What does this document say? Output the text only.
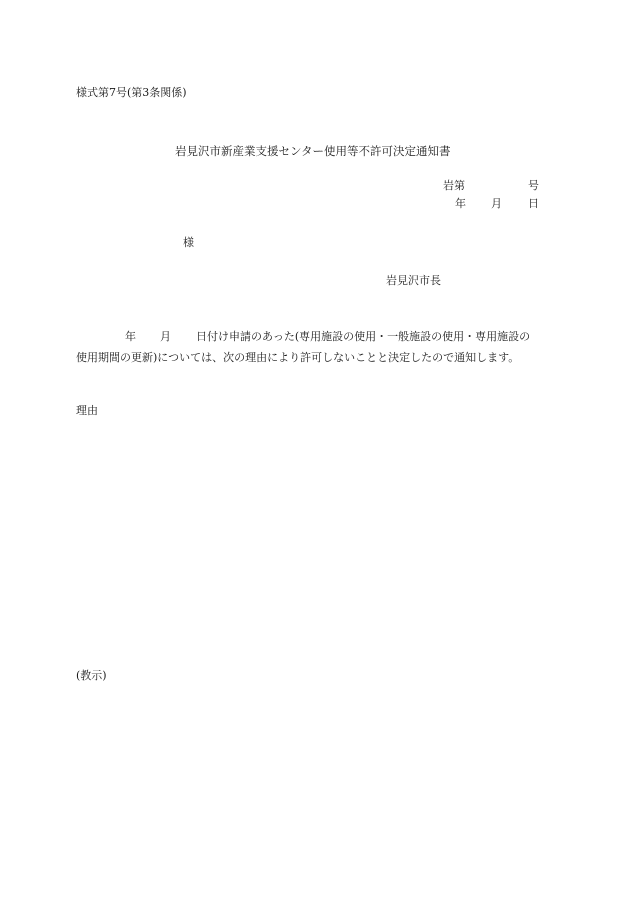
様式第7号(第3条関係)
岩見沢市新産業支援センター使用等不許可決定通知書
岩第	号
年 月 日
様
岩見沢市長
年 月 日付け申請のあった(専用施設の使用・一般施設の使用・専用施設の
使用期間の更新)については、次の理由により許可しないことと決定したので通知します。
理由
(教示)
